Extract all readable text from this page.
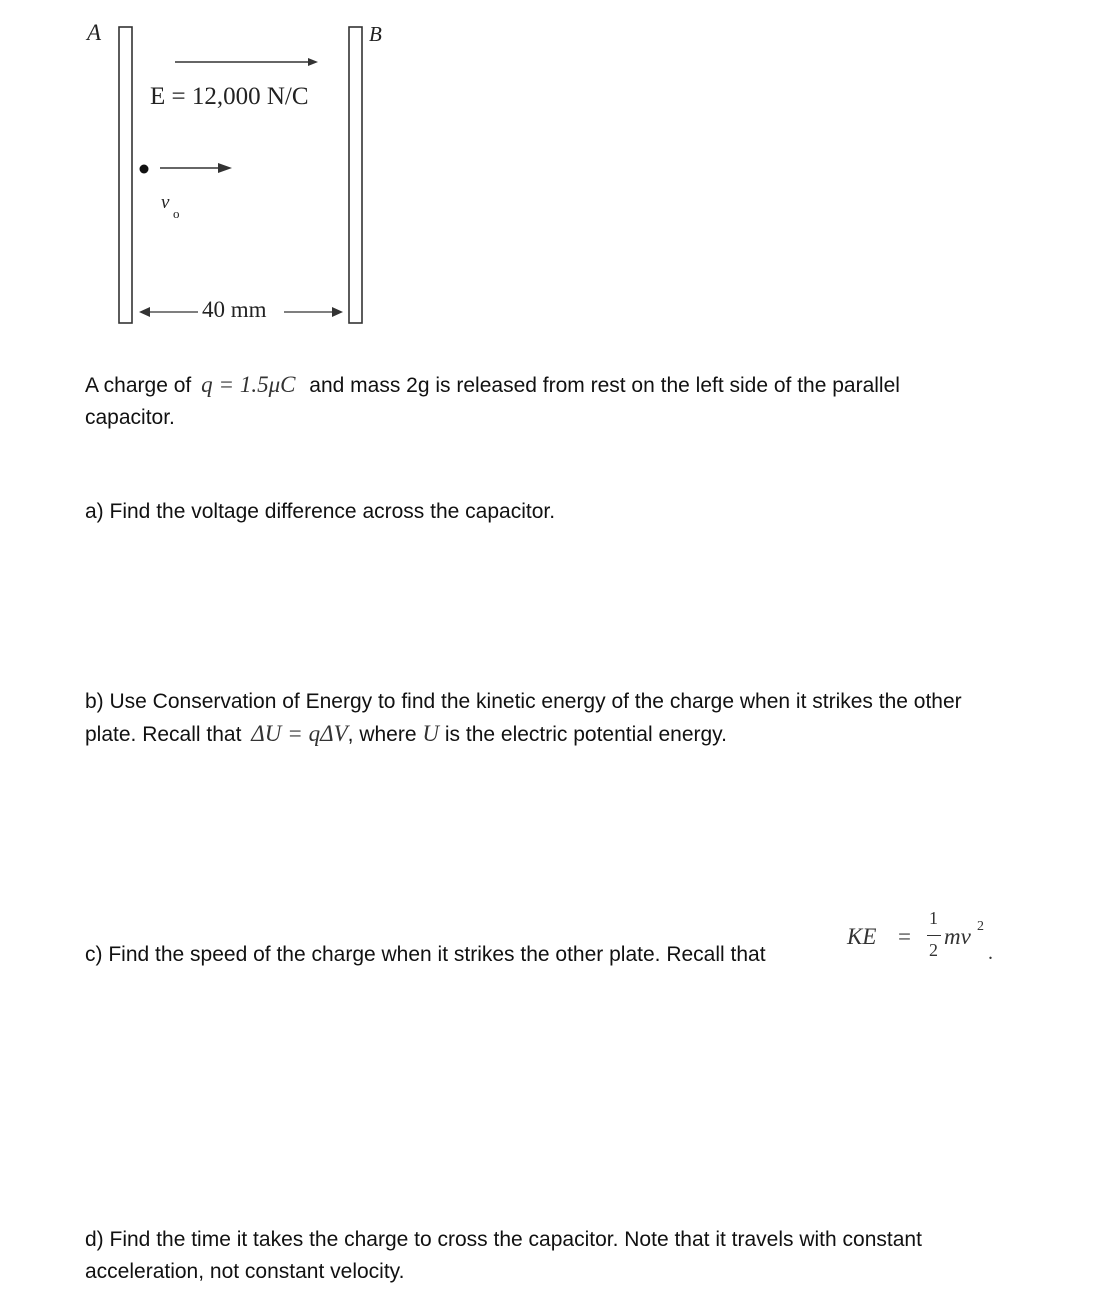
A	B
E = 12,000 N/C
v
o
40 mm
A charge of q = 1.5μC and mass 2g is released from rest on the left side of the parallel
capacitor.
a) Find the voltage difference across the capacitor.
b) Use Conservation of Energy to find the kinetic energy of the charge when it strikes the other
plate. Recall that ΔU = qΔV, where U is the electric potential energy.
c) Find the speed of the charge when it strikes the other plate. Recall that
KE =
1
2
mv 2
.
d) Find the time it takes the charge to cross the capacitor. Note that it travels with constant
acceleration, not constant velocity.
